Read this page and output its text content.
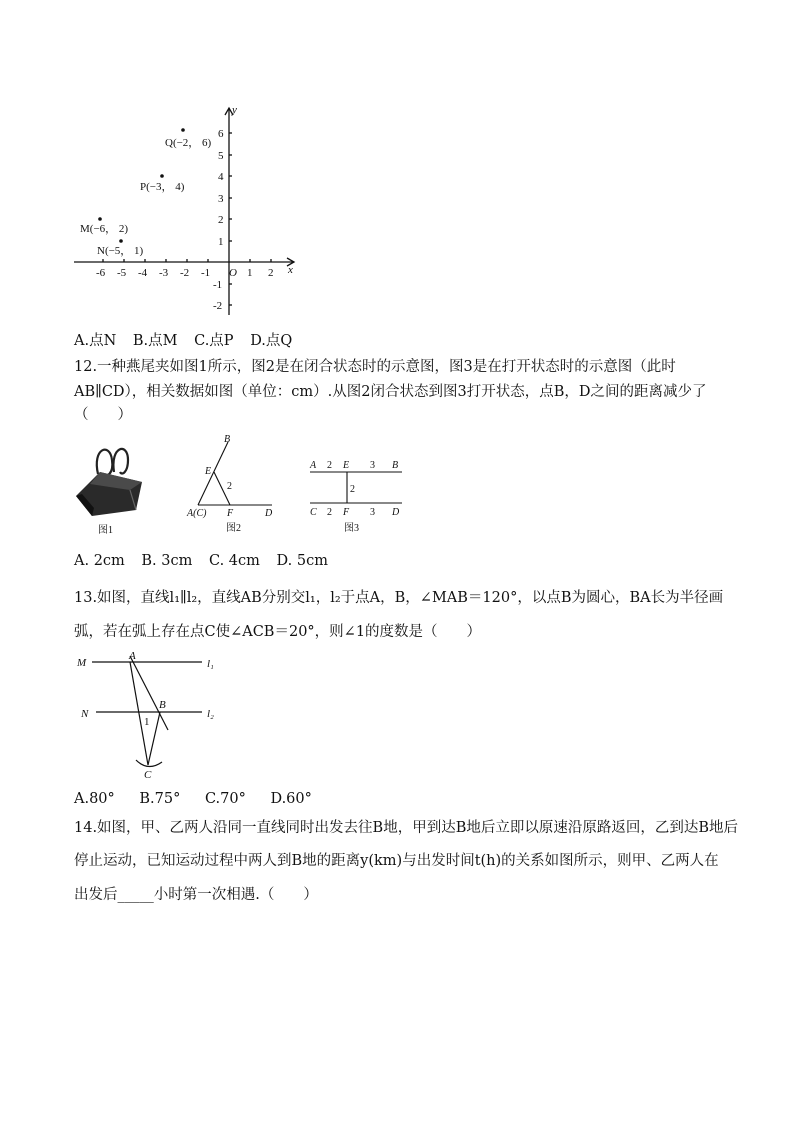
x
y
-6 -5 -4 -3 -2 -1 O 1 2
6
5
4
3
2
1
-1
-2
Q(−2， 6)
P(−3， 4)
M(−6， 2)
N(−5， 1)
A.点N B.点M C.点P D.点Q
12.一种燕尾夹如图1所示，图2是在闭合状态时的示意图，图3是在打开状态时的示意图（此时
AB∥CD），相关数据如图（单位：cm）.从图2闭合状态到图3打开状态，点B，D之间的距离减少了
（　　）
图1
B
E
2
A(C) F	D
图2
A 2 E 3 B
2
C 2 F 3 D
图3
A. 2cm B. 3cm C. 4cm D. 5cm
13.如图，直线l₁∥l₂，直线AB分别交l₁，l₂于点A，B，∠MAB＝120°，以点B为圆心，BA长为半径画
弧，若在弧上存在点C使∠ACB＝20°，则∠1的度数是（　　）
M
A
l₁
N
B
l₂
1
C
A.80° B.75° C.70° D.60°
14.如图，甲、乙两人沿同一直线同时出发去往B地，甲到达B地后立即以原速沿原路返回，乙到达B地后
停止运动，已知运动过程中两人到B地的距离y(km)与出发时间t(h)的关系如图所示，则甲、乙两人在
出发后_____小时第一次相遇.（　　）
